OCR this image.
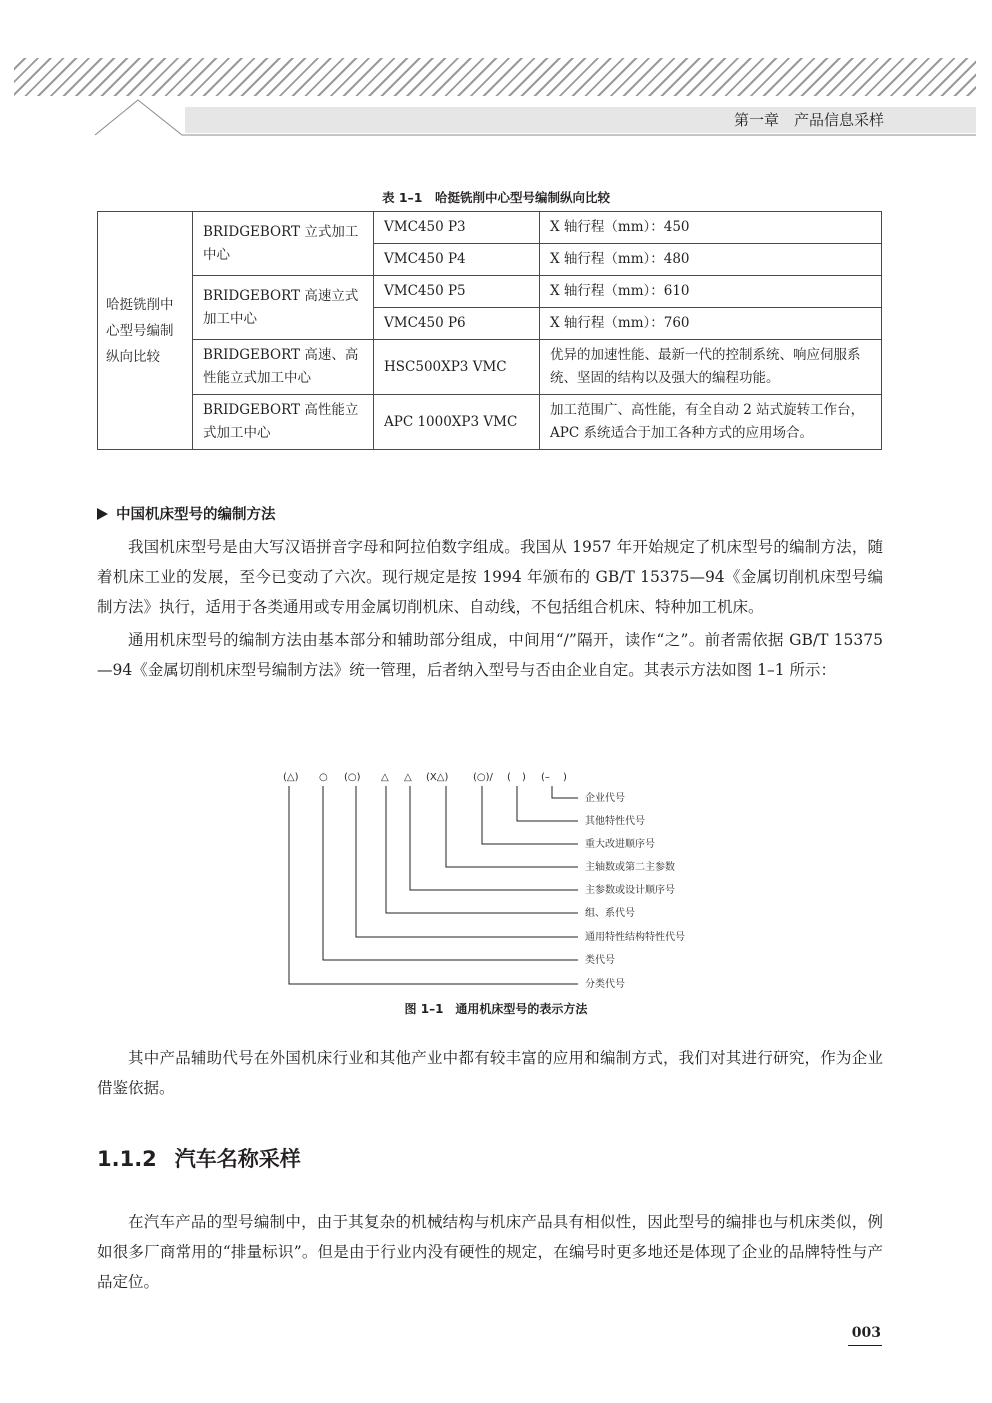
第一章　产品信息采样
表 1–1　哈挺铣削中心型号编制纵向比较
哈挺铣削中心型号编制纵向比较	BRIDGEBORT 立式加工中心	VMC450 P3	X 轴行程（mm）：450
		VMC450 P4	X 轴行程（mm）：480
	BRIDGEBORT 高速立式加工中心	VMC450 P5	X 轴行程（mm）：610
		VMC450 P6	X 轴行程（mm）：760
	BRIDGEBORT 高速、高性能立式加工中心	HSC500XP3 VMC	优异的加速性能、最新一代的控制系统、响应伺服系统、坚固的结构以及强大的编程功能。
	BRIDGEBORT 高性能立式加工中心	APC 1000XP3 VMC	加工范围广、高性能，有全自动 2 站式旋转工作台，APC 系统适合于加工各种方式的应用场合。
中国机床型号的编制方法

我国机床型号是由大写汉语拼音字母和阿拉伯数字组成。我国从 1957 年开始规定了机床型号的编制方法，随着机床工业的发展，至今已变动了六次。现行规定是按 1994 年颁布的 GB/T 15375—94《金属切削机床型号编制方法》执行，适用于各类通用或专用金属切削机床、自动线，不包括组合机床、特种加工机床。

通用机床型号的编制方法由基本部分和辅助部分组成，中间用“/”隔开，读作“之”。前者需依据 GB/T 15375—94《金属切削机床型号编制方法》统一管理，后者纳入型号与否由企业自定。其表示方法如图 1–1 所示：

(△) ○ (○) △ △ (X△) (○)/ ( ) (– )
企业代号
其他特性代号
重大改进顺序号
主轴数或第二主参数
主参数或设计顺序号
组、系代号
通用特性结构特性代号
类代号
分类代号
图 1–1　通用机床型号的表示方法

其中产品辅助代号在外国机床行业和其他产业中都有较丰富的应用和编制方式，我们对其进行研究，作为企业借鉴依据。

1.1.2 汽车名称采样

在汽车产品的型号编制中，由于其复杂的机械结构与机床产品具有相似性，因此型号的编排也与机床类似，例如很多厂商常用的“排量标识”。但是由于行业内没有硬性的规定，在编号时更多地还是体现了企业的品牌特性与产品定位。

003
